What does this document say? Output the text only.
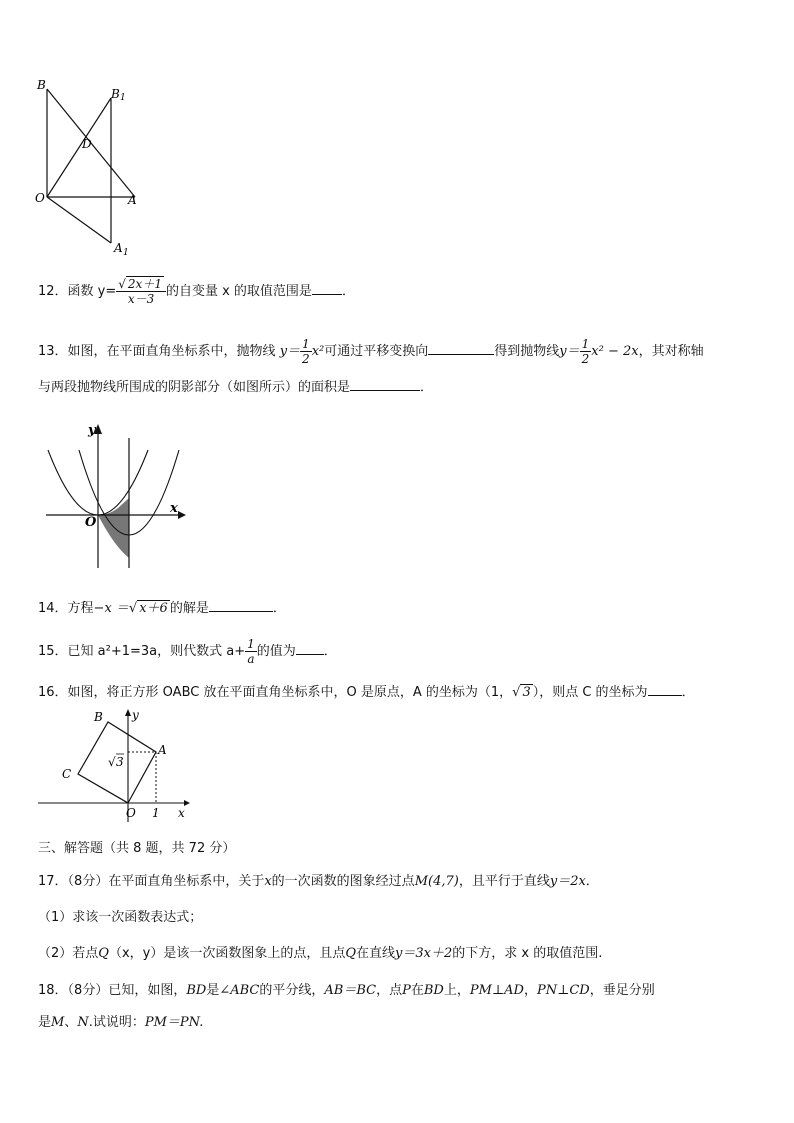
B
B 1
D
O	A
A 1
12．函数 $y= \frac{√ 2x+1}{x-3}$ 的自变量 x 的取值范围是 ．
13．如图，在平面直角坐标系中，抛物线 $y= \frac{1}{2} x^2$可通过平移变换向	得到抛物线$y= \frac{1}{2} x^2 - 2x$，其对称轴
与两段抛物线所围成的阴影部分（如图所示）的面积是	．
y
x
O
14．方程−x ＝√ x＋6 的解是	．
15．已知 a²+1=3a，则代数式 $a+ \frac{1}{a}$ 的值为 ．
16．如图，将正方形 OABC 放在平面直角坐标系中，O 是原点，A 的坐标为（1，√ 3 ），则点 C 的坐标为	．
B y
A
C
√ 3
O 1 x
三、解答题（共 8 题，共 72 分）
17．（8分）在平面直角坐标系中，关于x的一次函数的图象经过点M(4,7)，且平行于直线y＝2x．
（1）求该一次函数表达式；
（2）若点Q（x，y）是该一次函数图象上的点，且点Q在直线y＝3x＋2的下方，求 x 的取值范围.
18．（8分）已知，如图，BD是∠ABC的平分线，AB＝BC，点P在BD上，PM⊥AD，PN⊥CD，垂足分别
是M、N.试说明：PM＝PN.
